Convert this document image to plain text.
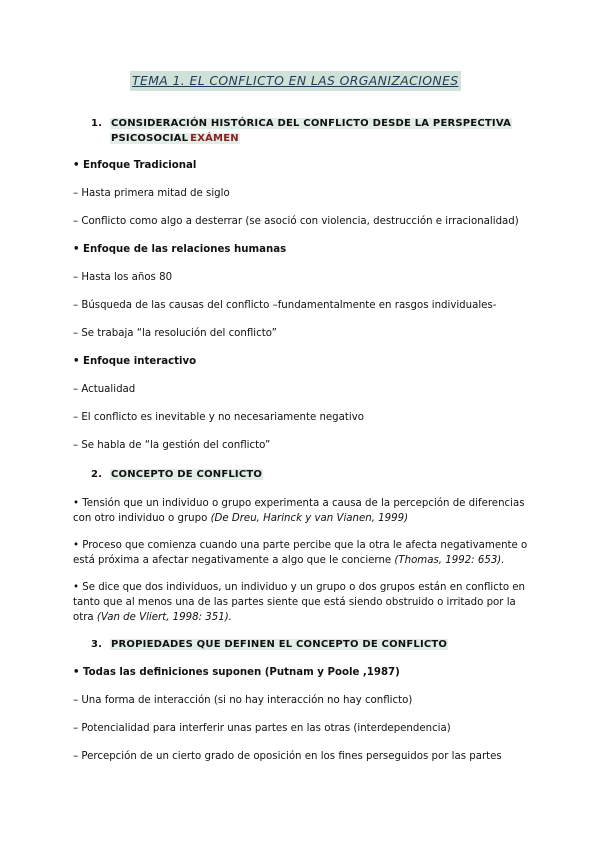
TEMA 1. EL CONFLICTO EN LAS ORGANIZACIONES
1. CONSIDERACIÓN HISTÓRICA DEL CONFLICTO DESDE LA PERSPECTIVA
PSICOSOCIAL EXÁMEN
• Enfoque Tradicional
– Hasta primera mitad de siglo
– Conflicto como algo a desterrar (se asoció con violencia, destrucción e irracionalidad)
• Enfoque de las relaciones humanas
– Hasta los años 80
– Búsqueda de las causas del conflicto –fundamentalmente en rasgos individuales-
– Se trabaja “la resolución del conflicto”
• Enfoque interactivo
– Actualidad
– El conflicto es inevitable y no necesariamente negativo
– Se habla de “la gestión del conflicto”
2. CONCEPTO DE CONFLICTO
• Tensión que un individuo o grupo experimenta a causa de la percepción de diferencias con otro individuo o grupo (De Dreu, Harinck y van Vianen, 1999)
• Proceso que comienza cuando una parte percibe que la otra le afecta negativamente o está próxima a afectar negativamente a algo que le concierne (Thomas, 1992: 653).
• Se dice que dos individuos, un individuo y un grupo o dos grupos están en conflicto en tanto que al menos una de las partes siente que está siendo obstruido o irritado por la otra (Van de Vliert, 1998: 351).
3. PROPIEDADES QUE DEFINEN EL CONCEPTO DE CONFLICTO
• Todas las definiciones suponen (Putnam y Poole ,1987)
– Una forma de interacción (si no hay interacción no hay conflicto)
– Potencialidad para interferir unas partes en las otras (interdependencia)
– Percepción de un cierto grado de oposición en los fines perseguidos por las partes
